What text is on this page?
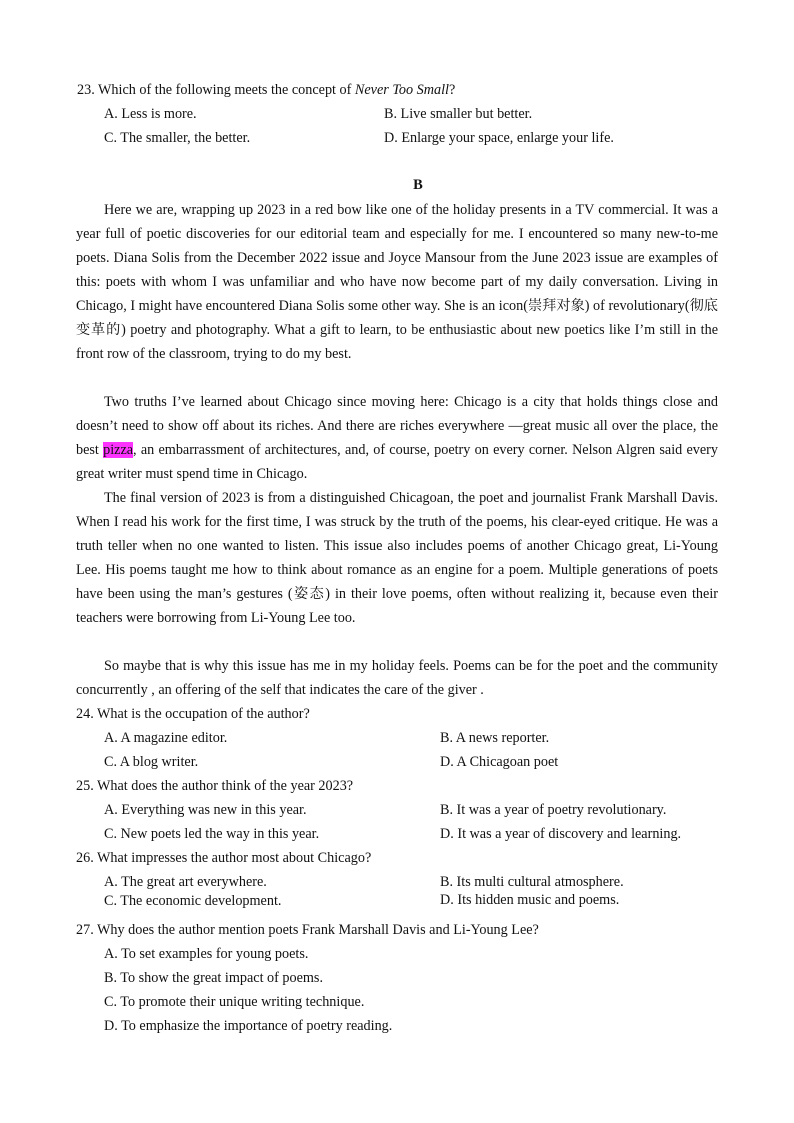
23. Which of the following meets the concept of Never Too Small?
A. Less is more.	B. Live smaller but better.
C. The smaller, the better.	D. Enlarge your space, enlarge your life.
B

Here we are, wrapping up 2023 in a red bow like one of the holiday presents in a TV commercial. It was a year full of poetic discoveries for our editorial team and especially for me. I encountered so many new-to-me poets. Diana Solis from the December 2022 issue and Joyce Mansour from the June 2023 issue are examples of this: poets with whom I was unfamiliar and who have now become part of my daily conversation. Living in Chicago, I might have encountered Diana Solis some other way. She is an icon(崇拜对象) of revolutionary(彻底变革的) poetry and photography. What a gift to learn, to be enthusiastic about new poetics like I’m still in the front row of the classroom, trying to do my best.

Two truths I’ve learned about Chicago since moving here: Chicago is a city that holds things close and doesn’t need to show off about its riches. And there are riches everywhere —great music all over the place, the best pizza, an embarrassment of architectures, and, of course, poetry on every corner. Nelson Algren said every great writer must spend time in Chicago.

The final version of 2023 is from a distinguished Chicagoan, the poet and journalist Frank Marshall Davis. When I read his work for the first time, I was struck by the truth of the poems, his clear-eyed critique. He was a truth teller when no one wanted to listen. This issue also includes poems of another Chicago great, Li-Young Lee. His poems taught me how to think about romance as an engine for a poem. Multiple generations of poets have been using the man’s gestures (姿态) in their love poems, often without realizing it, because even their teachers were borrowing from Li-Young Lee too.

So maybe that is why this issue has me in my holiday feels. Poems can be for the poet and the community concurrently , an offering of the self that indicates the care of the giver .

24. What is the occupation of the author?
A. A magazine editor.	B. A news reporter.
C. A blog writer.	D. A Chicagoan poet
25. What does the author think of the year 2023?
A. Everything was new in this year.	B. It was a year of poetry revolutionary.
C. New poets led the way in this year.	D. It was a year of discovery and learning.
26. What impresses the author most about Chicago?
A. The great art everywhere.	B. Its multi cultural atmosphere.
C. The economic development.	D. Its hidden music and poems.
27. Why does the author mention poets Frank Marshall Davis and Li-Young Lee?
A. To set examples for young poets.
B. To show the great impact of poems.
C. To promote their unique writing technique.
D. To emphasize the importance of poetry reading.
